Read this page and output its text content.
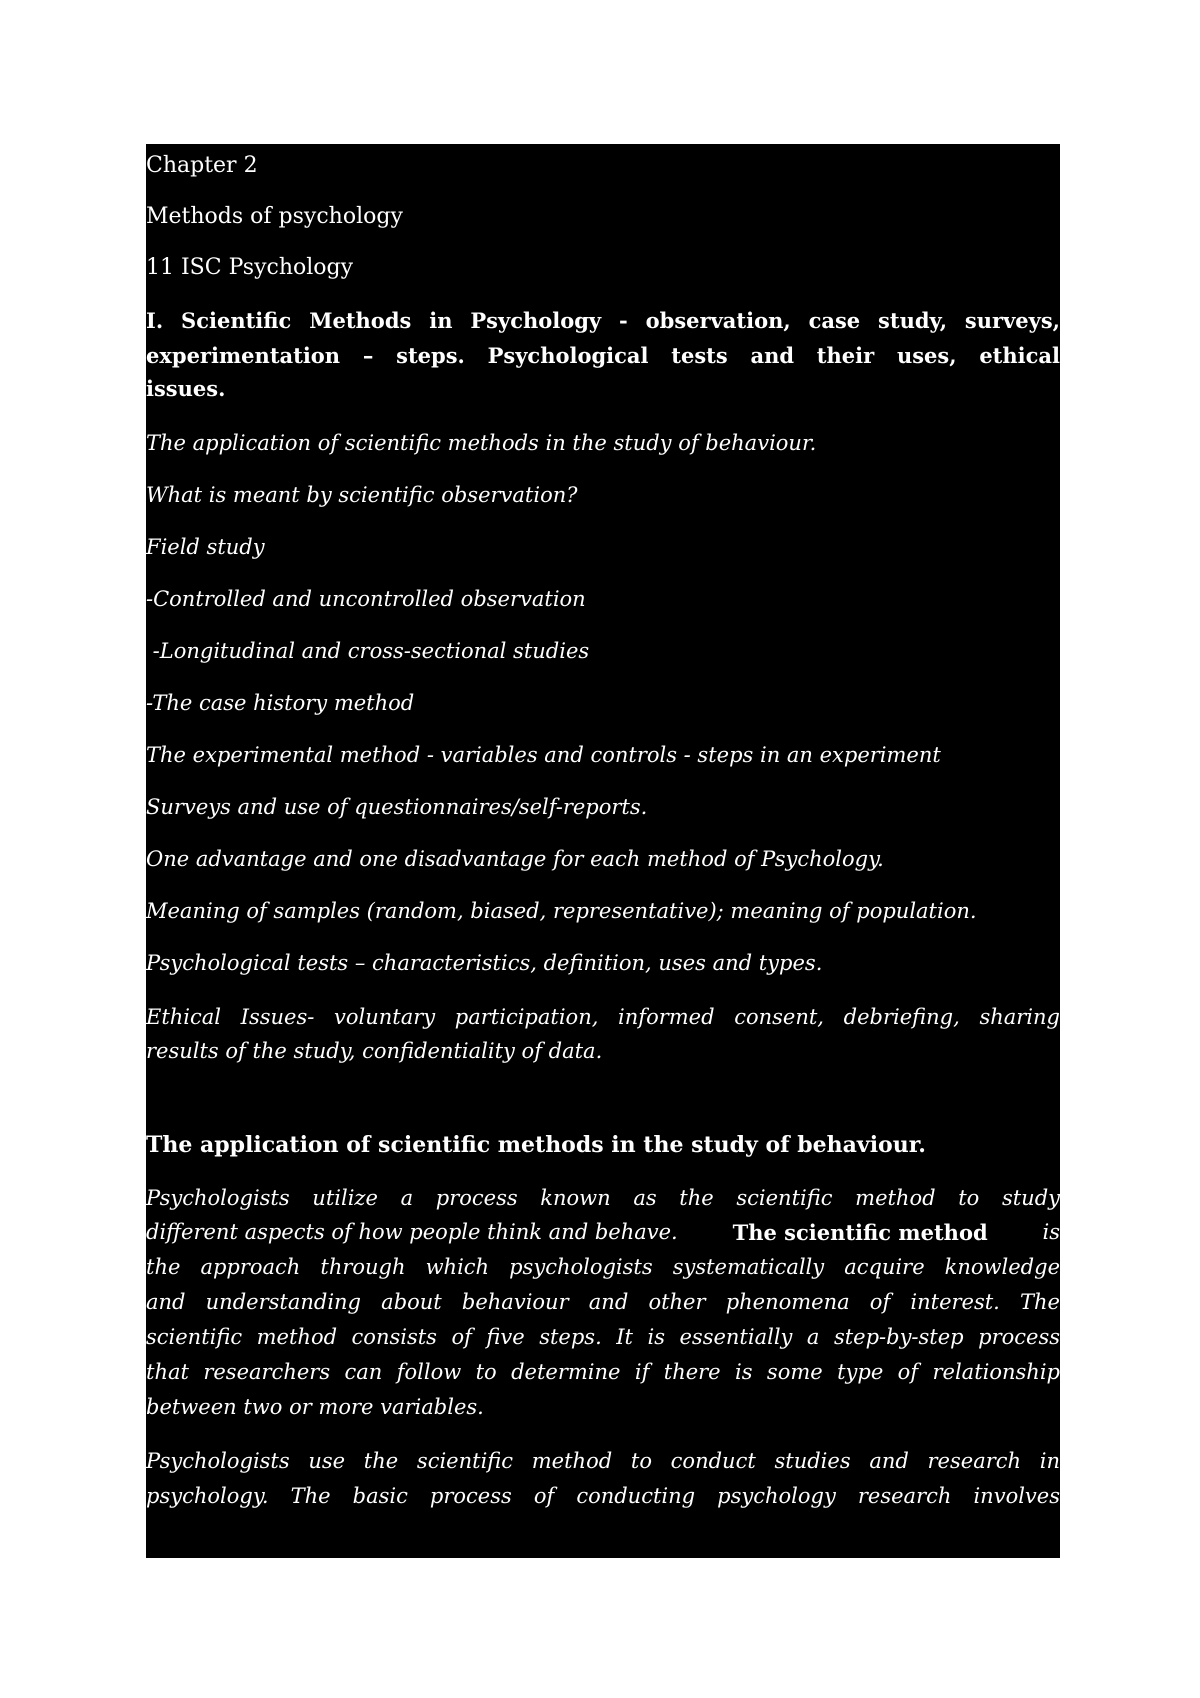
Chapter 2
Methods of psychology
11 ISC Psychology
I. Scientific Methods in Psychology - observation, case study, surveys,
experimentation – steps. Psychological tests and their uses, ethical
issues.
The application of scientific methods in the study of behaviour.
What is meant by scientific observation?
Field study
-Controlled and uncontrolled observation
-Longitudinal and cross-sectional studies
-The case history method
The experimental method - variables and controls - steps in an experiment
Surveys and use of questionnaires/self-reports.
One advantage and one disadvantage for each method of Psychology.
Meaning of samples (random, biased, representative); meaning of population.
Psychological tests – characteristics, definition, uses and types.
Ethical Issues- voluntary participation, informed consent, debriefing, sharing
results of the study, confidentiality of data.
The application of scientific methods in the study of behaviour.
Psychologists utilize a process known as the scientific method to study
different aspects of how people think and behave.	The scientific method	is
the approach through which psychologists systematically acquire knowledge
and understanding about behaviour and other phenomena of interest. The
scientific method consists of five steps. It is essentially a step-by-step process
that researchers can follow to determine if there is some type of relationship
between two or more variables.
Psychologists use the scientific method to conduct studies and research in
psychology. The basic process of conducting psychology research involves
